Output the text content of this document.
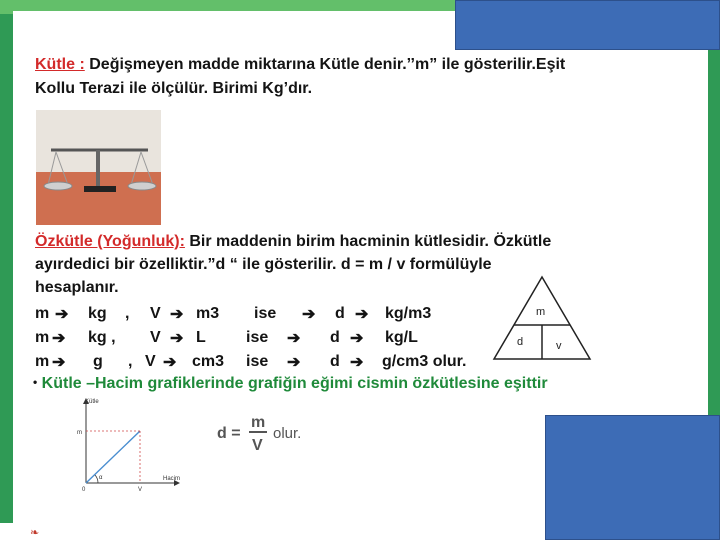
❧
Kütle : Değişmeyen madde miktarına Kütle denir.’’m” ile gösterilir.Eşit
Kollu Terazi ile ölçülür. Birimi Kg’dır.
Özkütle (Yoğunluk): Bir maddenin birim hacminin kütlesidir. Özkütle
ayırdedici bir özelliktir.”d “ ile gösterilir. d = m / v formülüyle
hesaplanır.
m ➔ kg , V ➔ m3 ise ➔ d ➔ kg/m3
m ➔ kg , V ➔ L	ise ➔ d ➔ kg/L
m ➔ g , V ➔ cm3 ise ➔ d ➔ g/cm3 olur.
m
d	v
• Kütle –Hacim grafiklerinde grafiğin eğimi cismin özkütlesine eşittir
Kütle
Hacim
m
V
0
α
d =
m
V
olur.
